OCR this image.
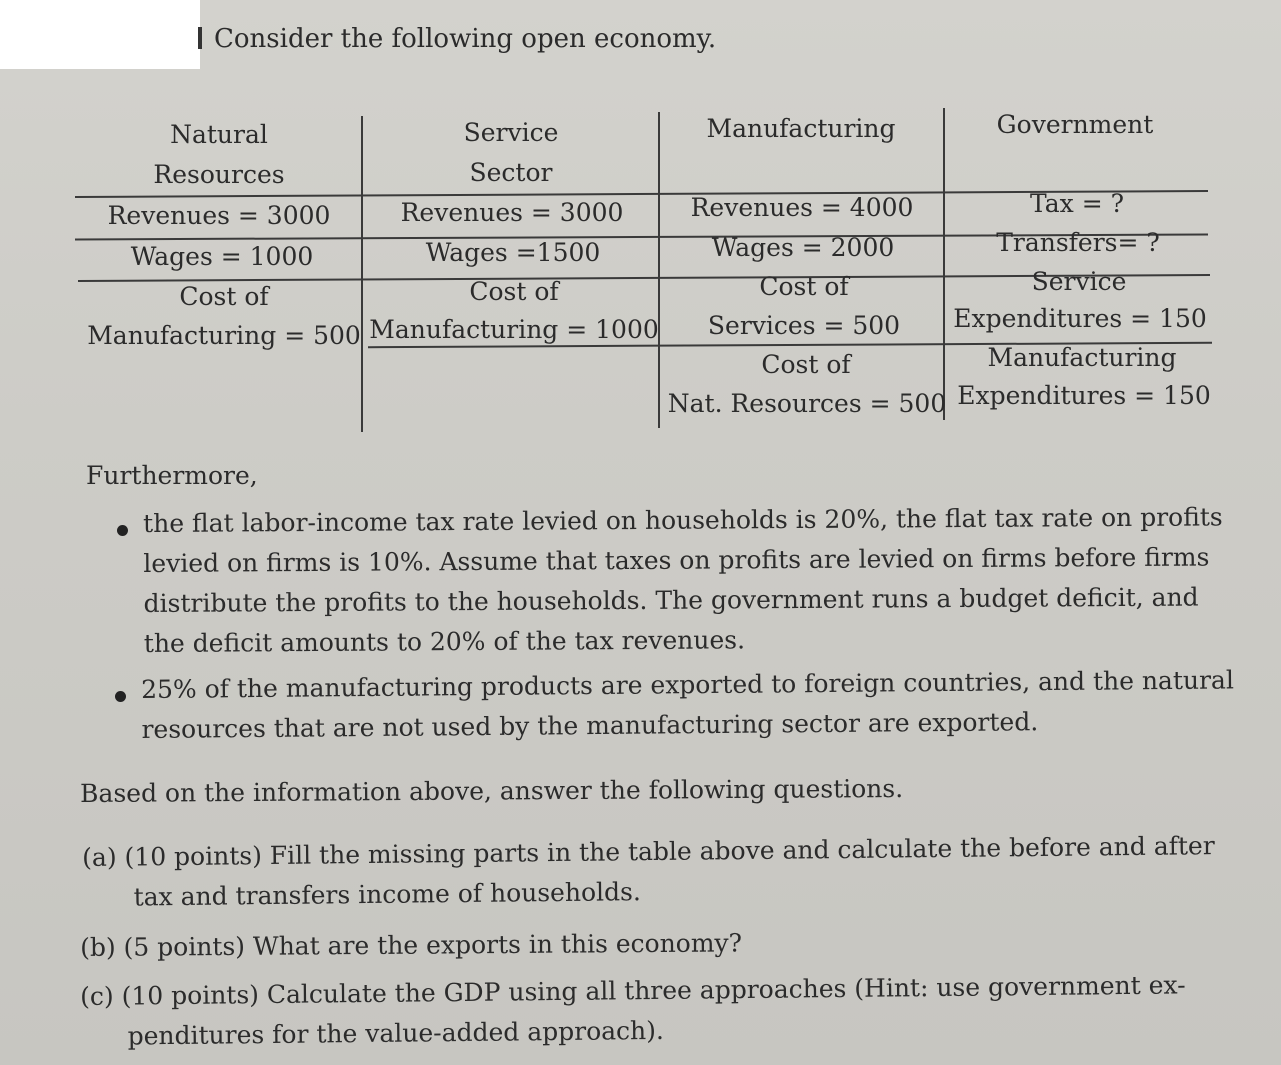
Consider the following open economy.
Natural
Resources
Service
Sector
Manufacturing	Government
Revenues = 3000
Wages = 1000
Cost of
Manufacturing = 500
Revenues = 3000
Wages =1500
Cost of
Manufacturing = 1000
Revenues = 4000
Wages = 2000
Cost of
Services = 500
Cost of
Nat. Resources = 500
Tax = ?
Transfers= ?
Service
Expenditures = 150
Manufacturing
Expenditures = 150
Furthermore,
the flat labor-income tax rate levied on households is 20%, the flat tax rate on profits
levied on firms is 10%. Assume that taxes on profits are levied on firms before firms
distribute the profits to the households. The government runs a budget deficit, and
the deficit amounts to 20% of the tax revenues.
25% of the manufacturing products are exported to foreign countries, and the natural
resources that are not used by the manufacturing sector are exported.
Based on the information above, answer the following questions.
(a) (10 points) Fill the missing parts in the table above and calculate the before and after
tax and transfers income of households.
(b) (5 points) What are the exports in this economy?
(c) (10 points) Calculate the GDP using all three approaches (Hint: use government ex-
penditures for the value-added approach).
